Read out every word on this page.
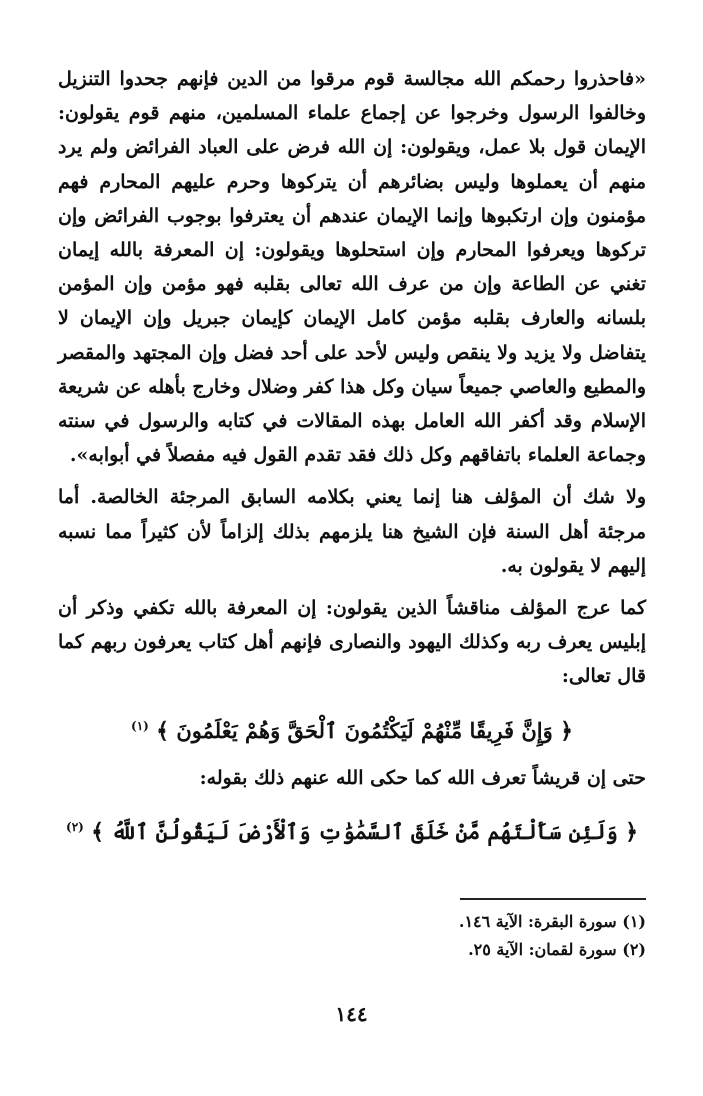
«فاحذروا رحمكم الله مجالسة قوم مرقوا من الدين فإنهم جحدوا التنزيل وخالفوا الرسول وخرجوا عن إجماع علماء المسلمين، منهم قوم يقولون: الإيمان قول بلا عمل، ويقولون: إن الله فرض على العباد الفرائض ولم يرد منهم أن يعملوها وليس بضائرهم أن يتركوها وحرم عليهم المحارم فهم مؤمنون وإن ارتكبوها وإنما الإيمان عندهم أن يعترفوا بوجوب الفرائض وإن تركوها ويعرفوا المحارم وإن استحلوها ويقولون: إن المعرفة بالله إيمان تغني عن الطاعة وإن من عرف الله تعالى بقلبه فهو مؤمن وإن المؤمن بلسانه والعارف بقلبه مؤمن كامل الإيمان كإيمان جبريل وإن الإيمان لا يتفاضل ولا يزيد ولا ينقص وليس لأحد على أحد فضل وإن المجتهد والمقصر والمطيع والعاصي جميعاً سيان وكل هذا كفر وضلال وخارج بأهله عن شريعة الإسلام وقد أكفر الله العامل بهذه المقالات في كتابه والرسول في سنته وجماعة العلماء باتفاقهم وكل ذلك فقد تقدم القول فيه مفصلاً في أبوابه».

ولا شك أن المؤلف هنا إنما يعني بكلامه السابق المرجئة الخالصة. أما مرجئة أهل السنة فإن الشيخ هنا يلزمهم بذلك إلزاماً لأن كثيراً مما نسبه إليهم لا يقولون به.

كما عرج المؤلف مناقشاً الذين يقولون: إن المعرفة بالله تكفي وذكر أن إبليس يعرف ربه وكذلك اليهود والنصارى فإنهم أهل كتاب يعرفون ربهم كما قال تعالى:

﴿ وَإِنَّ فَرِيقًا مِّنْهُمْ لَيَكْتُمُونَ ٱلْحَقَّ وَهُمْ يَعْلَمُونَ ﴾ $^{(١)}$

حتى إن قريشاً تعرف الله كما حكى الله عنهم ذلك بقوله:

﴿ وَلَئِن سَأَلْتَهُم مَّنْ خَلَقَ ٱلسَّمَٰوَٰتِ وَٱلْأَرْضَ لَيَقُولُنَّ ٱللَّهُ ﴾ $^{(٢)}$
(١) سورة البقرة: الآية ١٤٦.
(٢) سورة لقمان: الآية ٢٥.
١٤٤
